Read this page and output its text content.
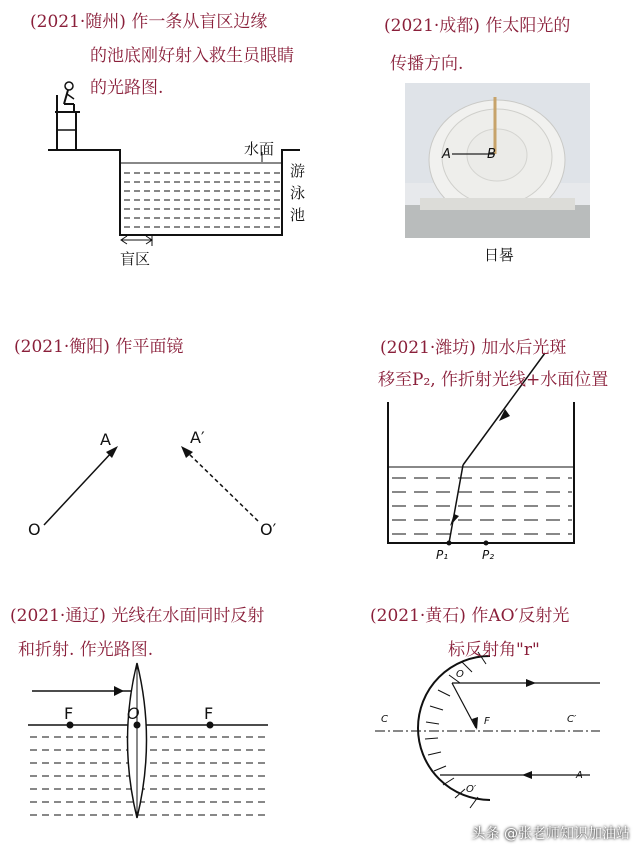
(2021·随州) 作一条从盲区边缘
的池底刚好射入救生员眼睛
的光路图.
水面
游泳池
盲区
(2021·成都) 作太阳光的
传播方向.
A	B
日晷
(2021·衡阳) 作平面镜
A	A′
O	O′
(2021·潍坊) 加水后光斑
移至P₂, 作折射光线+水面位置
P₁	P₂
(2021·通辽) 光线在水面同时反射
和折射. 作光路图.
F	O	F
(2021·黄石) 作AO′反射光
标反射角"r"
C	C′
O
F
A
O′
头条 @张老师知识加油站
